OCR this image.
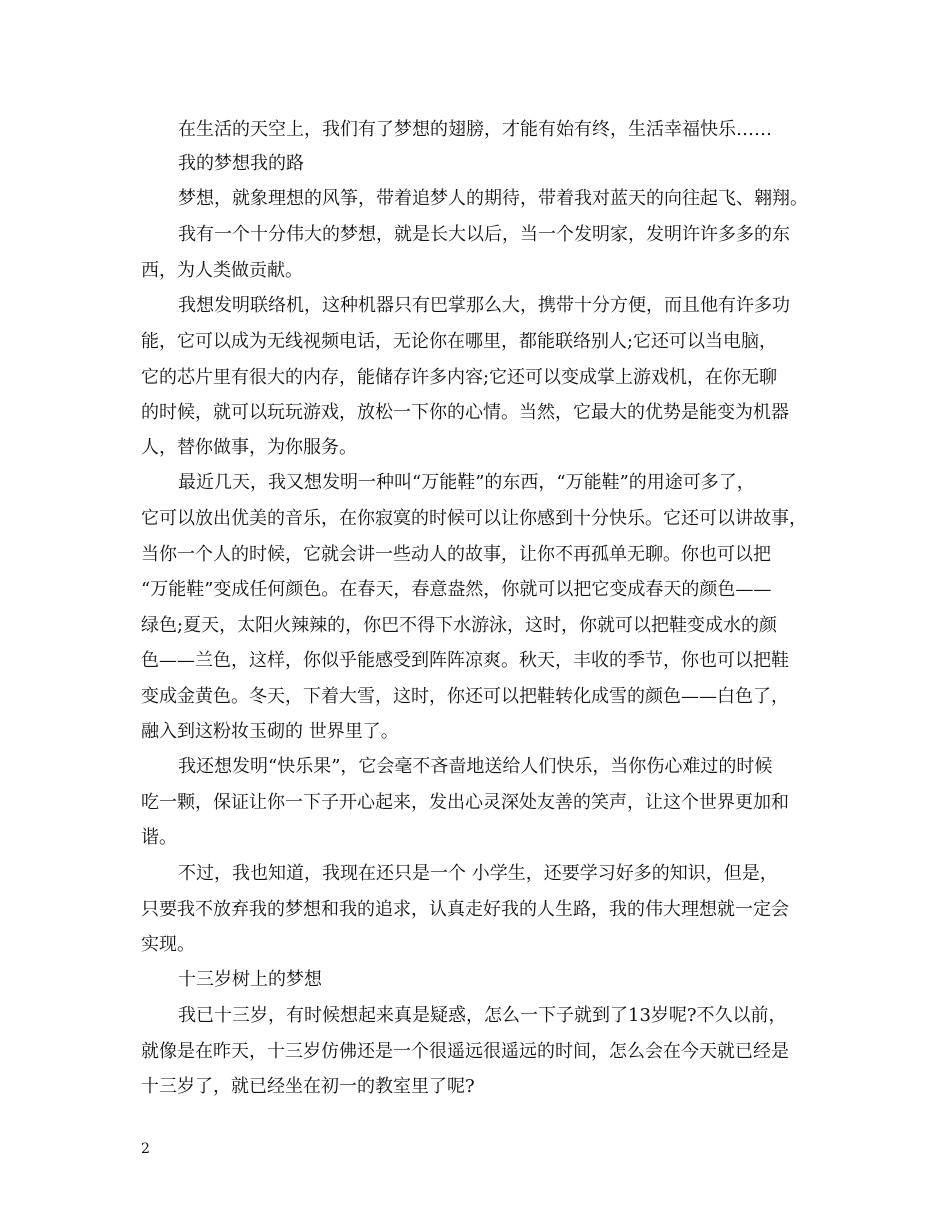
在生活的天空上，我们有了梦想的翅膀，才能有始有终，生活幸福快乐……
我的梦想我的路
梦想，就象理想的风筝，带着追梦人的期待，带着我对蓝天的向往起飞、翱翔。
我有一个十分伟大的梦想，就是长大以后，当一个发明家，发明许许多多的东
西，为人类做贡献。
我想发明联络机，这种机器只有巴掌那么大，携带十分方便，而且他有许多功
能，它可以成为无线视频电话，无论你在哪里，都能联络别人;它还可以当电脑，
它的芯片里有很大的内存，能储存许多内容;它还可以变成掌上游戏机，在你无聊
的时候，就可以玩玩游戏，放松一下你的心情。当然，它最大的优势是能变为机器
人，替你做事，为你服务。
最近几天，我又想发明一种叫“万能鞋”的东西，“万能鞋”的用途可多了，
它可以放出优美的音乐，在你寂寞的时候可以让你感到十分快乐。它还可以讲故事，
当你一个人的时候，它就会讲一些动人的故事，让你不再孤单无聊。你也可以把
“万能鞋”变成任何颜色。在春天，春意盎然，你就可以把它变成春天的颜色——
绿色;夏天，太阳火辣辣的，你巴不得下水游泳，这时，你就可以把鞋变成水的颜
色——兰色，这样，你似乎能感受到阵阵凉爽。秋天，丰收的季节，你也可以把鞋
变成金黄色。冬天，下着大雪，这时，你还可以把鞋转化成雪的颜色——白色了，
融入到这粉妆玉砌的 世界里了。
我还想发明“快乐果”，它会毫不吝啬地送给人们快乐，当你伤心难过的时候
吃一颗，保证让你一下子开心起来，发出心灵深处友善的笑声，让这个世界更加和
谐。
不过，我也知道，我现在还只是一个 小学生，还要学习好多的知识，但是，
只要我不放弃我的梦想和我的追求，认真走好我的人生路，我的伟大理想就一定会
实现。
十三岁树上的梦想
我已十三岁，有时候想起来真是疑惑，怎么一下子就到了13岁呢?不久以前，
就像是在昨天，十三岁仿佛还是一个很遥远很遥远的时间，怎么会在今天就已经是
十三岁了，就已经坐在初一的教室里了呢?
2
